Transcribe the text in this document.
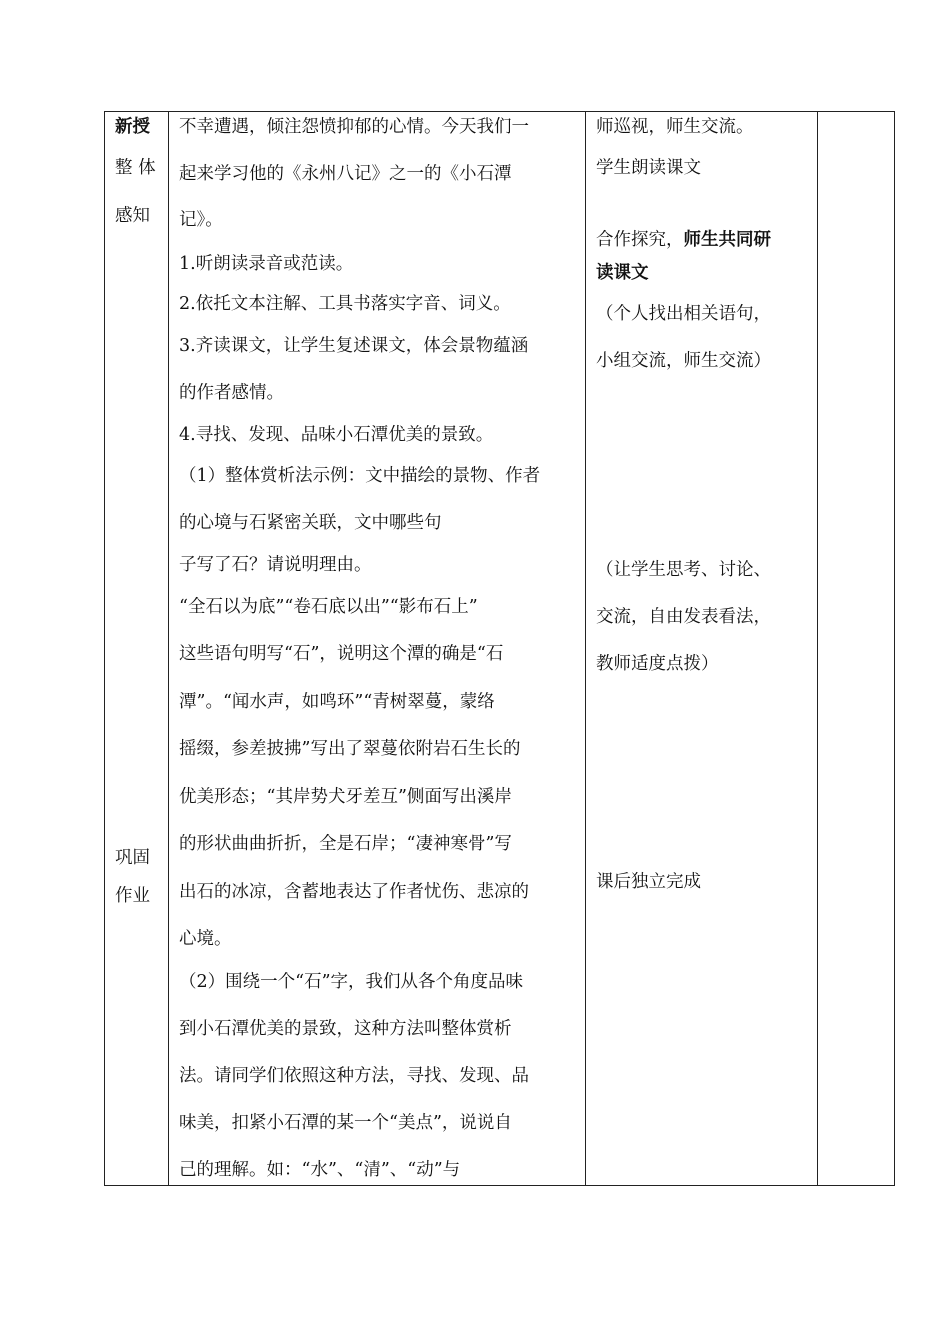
新授
整 体
感知
巩固
作业
不幸遭遇，倾注怨愤抑郁的心情。今天我们一
起来学习他的《永州八记》之一的《小石潭
记》。
1.听朗读录音或范读。
2.依托文本注解、工具书落实字音、词义。
3.齐读课文，让学生复述课文，体会景物蕴涵
的作者感情。
4.寻找、发现、品味小石潭优美的景致。
（1）整体赏析法示例：文中描绘的景物、作者
的心境与石紧密关联，文中哪些句
子写了石？请说明理由。
“全石以为底”“卷石底以出”“影布石上”
这些语句明写“石”，说明这个潭的确是“石
潭”。“闻水声，如鸣环”“青树翠蔓，蒙络
摇缀，参差披拂”写出了翠蔓依附岩石生长的
优美形态；“其岸势犬牙差互”侧面写出溪岸
的形状曲曲折折，全是石岸；“凄神寒骨”写
出石的冰凉，含蓄地表达了作者忧伤、悲凉的
心境。
（2）围绕一个“石”字，我们从各个角度品味
到小石潭优美的景致，这种方法叫整体赏析
法。请同学们依照这种方法，寻找、发现、品
味美，扣紧小石潭的某一个“美点”，说说自
己的理解。如：“水”、“清”、“动”与
师巡视，师生交流。
学生朗读课文
合作探究，师生共同研
读课文
（个人找出相关语句，
小组交流，师生交流）
（让学生思考、讨论、
交流，自由发表看法，
教师适度点拨）
课后独立完成
